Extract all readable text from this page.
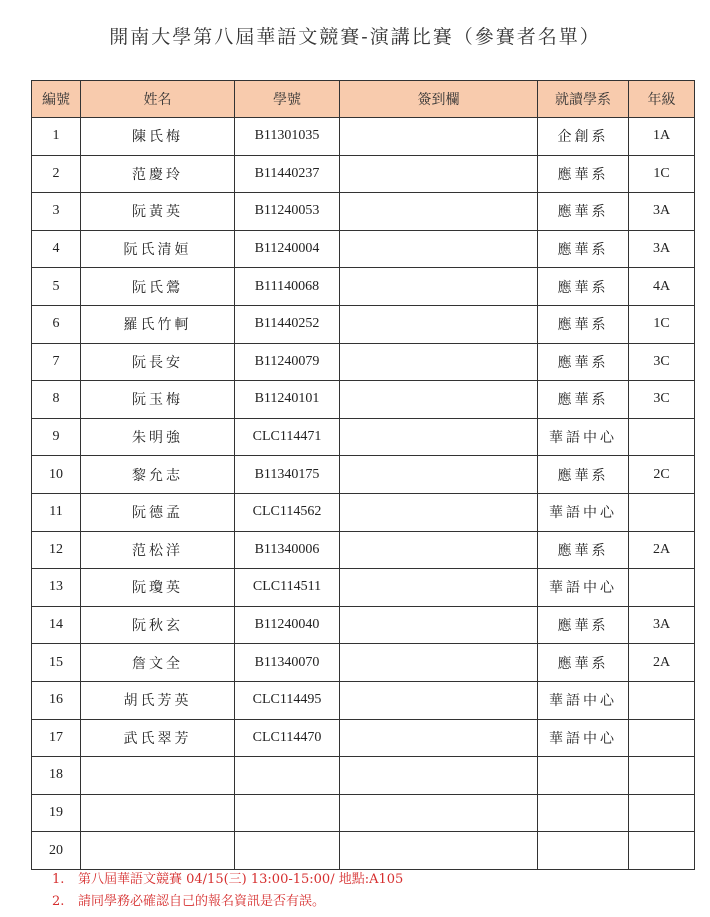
開南大學第八屆華語文競賽-演講比賽（參賽者名單）
編號	姓名	學號	簽到欄	就讀學系	年級
1	陳氏梅	B11301035		企創系	1A
2	范慶玲	B11440237		應華系	1C
3	阮黃英	B11240053		應華系	3A
4	阮氏清姮	B11240004		應華系	3A
5	阮氏鶯	B11140068		應華系	4A
6	羅氏竹軻	B11440252		應華系	1C
7	阮長安	B11240079		應華系	3C
8	阮玉梅	B11240101		應華系	3C
9	朱明強	CLC114471		華語中心	
10	黎允志	B11340175		應華系	2C
11	阮德孟	CLC114562		華語中心	
12	范松洋	B11340006		應華系	2A
13	阮瓊英	CLC114511		華語中心	
14	阮秋玄	B11240040		應華系	3A
15	詹文全	B11340070		應華系	2A
16	胡氏芳英	CLC114495		華語中心	
17	武氏翠芳	CLC114470		華語中心	
18					
19					
20					
1. 第八屆華語文競賽 04/15(三) 13:00-15:00/ 地點:A105
2. 請同學務必確認自己的報名資訊是否有誤。
